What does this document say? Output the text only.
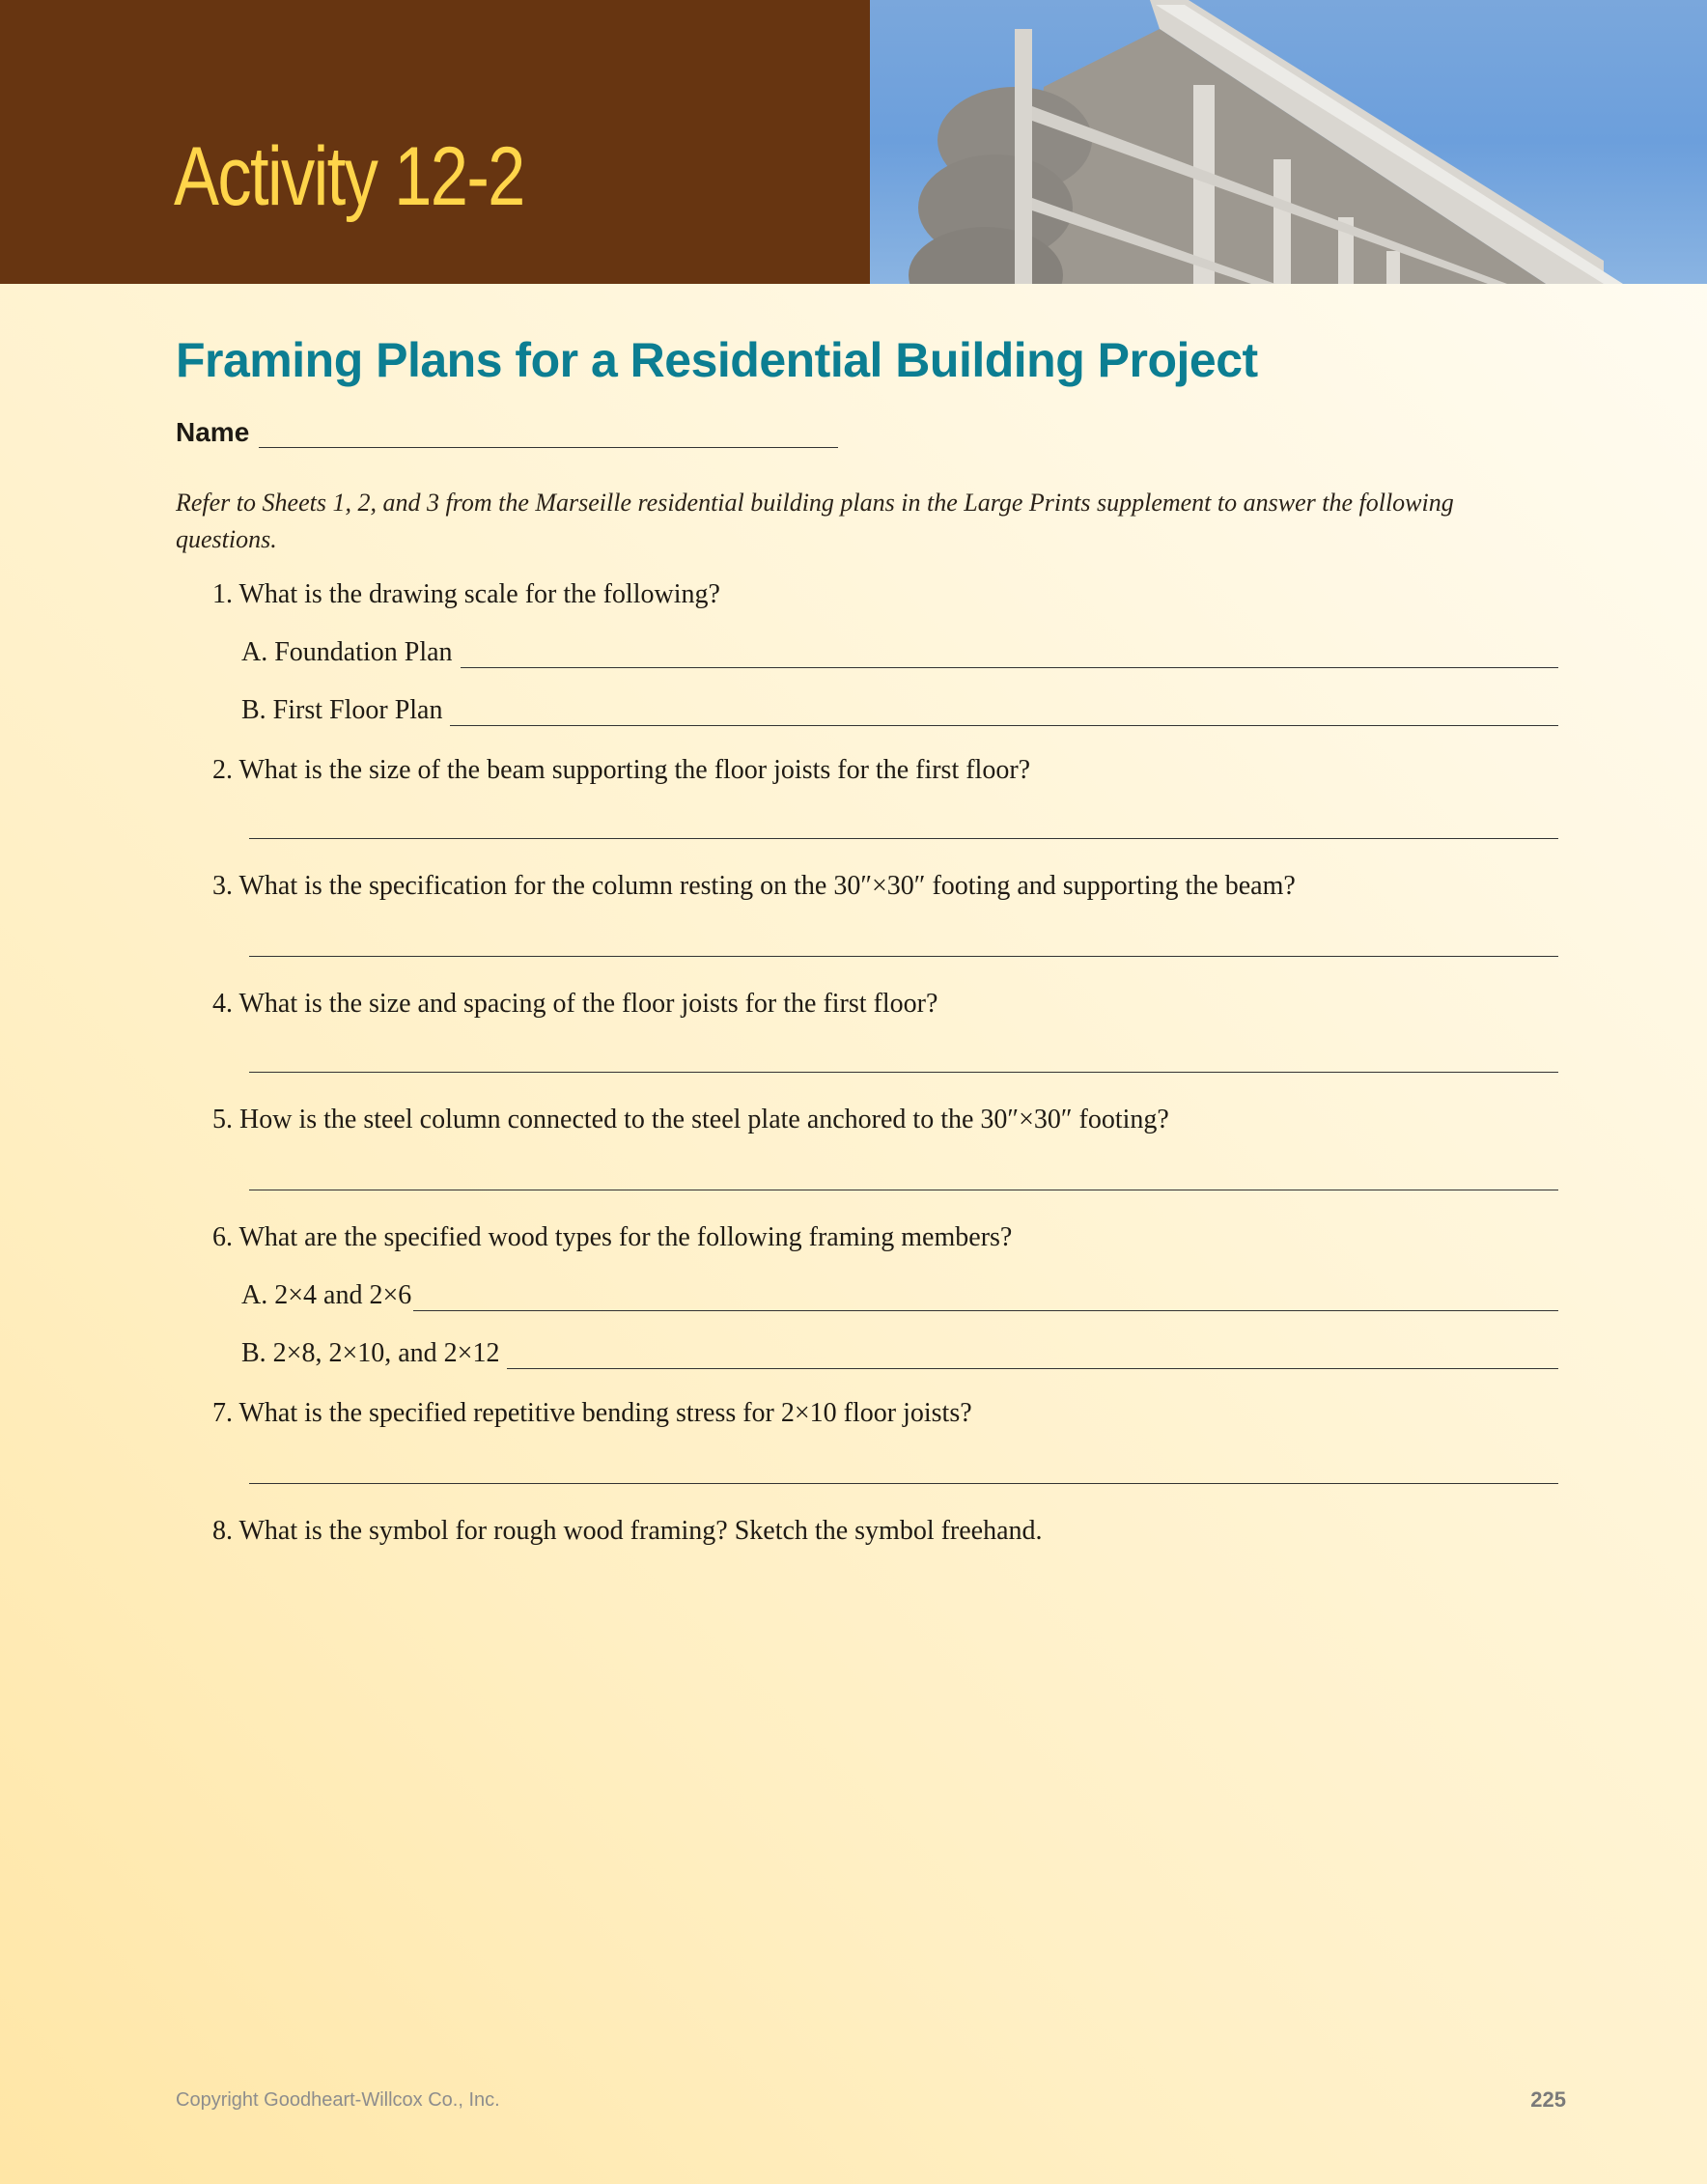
Activity 12-2
Framing Plans for a Residential Building Project
Name
Refer to Sheets 1, 2, and 3 from the Marseille residential building plans in the Large Prints supplement to answer the following questions.
1. What is the drawing scale for the following?
A. Foundation Plan
B. First Floor Plan
2. What is the size of the beam supporting the floor joists for the first floor?
3. What is the specification for the column resting on the 30″×30″ footing and supporting the beam?
4. What is the size and spacing of the floor joists for the first floor?
5. How is the steel column connected to the steel plate anchored to the 30″×30″ footing?
6. What are the specified wood types for the following framing members?
A. 2×4 and 2×6
B. 2×8, 2×10, and 2×12
7. What is the specified repetitive bending stress for 2×10 floor joists?
8. What is the symbol for rough wood framing? Sketch the symbol freehand.
Copyright Goodheart-Willcox Co., Inc.	225
